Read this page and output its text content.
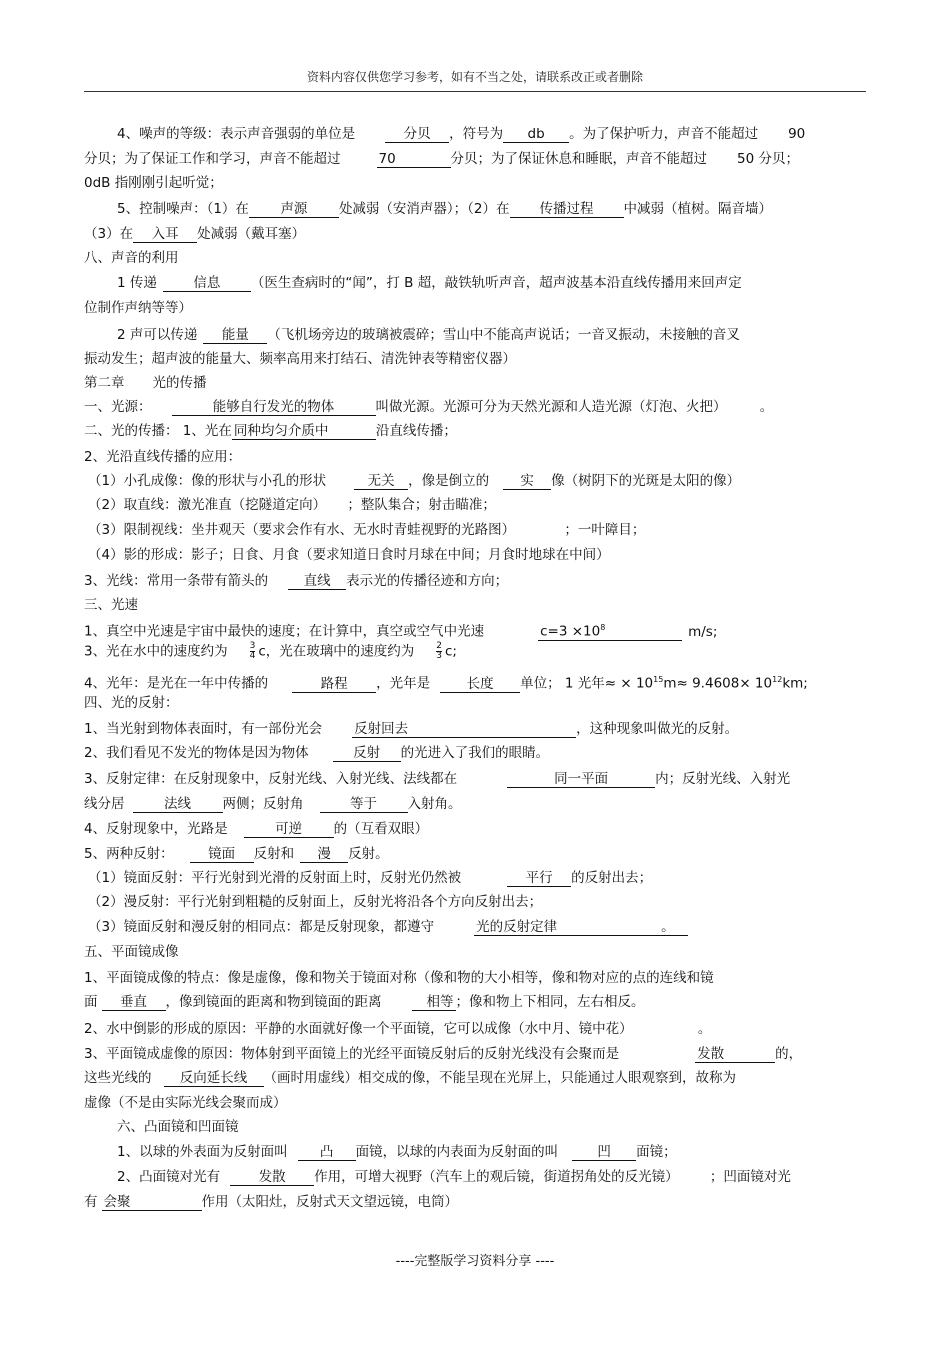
资料内容仅供您学习参考，如有不当之处，请联系改正或者删除
4、噪声的等级：表示声音强弱的单位是	分贝 ，符号为 db 。为了保护听力，声音不能超过 90
分贝；为了保证工作和学习，声音不能超过	70	分贝；为了保证休息和睡眠，声音不能超过 50 分贝；
0dB 指刚刚引起听觉；
5、控制噪声：（1）在 声源 处减弱（安消声器）；（2）在 传播过程 中减弱（植树。隔音墙）
（3）在 入耳 处减弱（戴耳塞）
八、声音的利用
1 传递	信息 （医生查病时的“闻”，打 B 超，敲铁轨听声音，超声波基本沿直线传播用来回声定
位制作声纳等等）
2 声可以传递 能量 （飞机场旁边的玻璃被震碎；雪山中不能高声说话；一音叉振动，未接触的音叉
振动发生；超声波的能量大、频率高用来打结石、清洗钟表等精密仪器）
第二章 光的传播
一、光源：	能够自行发光的物体	叫做光源。光源可分为天然光源和人造光源（灯泡、火把）	。
二、光的传播： 1、光在 同种均匀介质中	沿直线传播；
2、光沿直线传播的应用：
（1）小孔成像：像的形状与小孔的形状	无关 ，像是倒立的 实 像（树阴下的光斑是太阳的像）
（2）取直线：激光准直（挖隧道定向） ；整队集合；射击瞄准；
（3）限制视线：坐井观天（要求会作有水、无水时青蛙视野的光路图）	；一叶障目；
（4）影的形成：影子；日食、月食（要求知道日食时月球在中间；月食时地球在中间）
3、光线：常用一条带有箭头的	直线 表示光的传播径迹和方向；
三、光速
1、真空中光速是宇宙中最快的速度；在计算中，真空或空气中光速	$c=3 \times 10^8$	m/s;
3、光在水中的速度约为 $\frac{3}{4}$ c，光在玻璃中的速度约为 $\frac{2}{3} c$;
4、光年：是光在一年中传播的	路程 ，光年是	长度 单位； 1 光年≈ × $10^{15}m\approx 9.4608\times 10^{12}km$;
四、光的反射：
1、当光射到物体表面时，有一部份光会 反射回去	，这种现象叫做光的反射。
2、我们看见不发光的物体是因为物体	反射 的光进入了我们的眼睛。
3、反射定律：在反射现象中，反射光线、入射光线、法线都在	同一平面	内；反射光线、入射光
线分居	法线 两侧；反射角	等于 入射角。
4、反射现象中，光路是	可逆 的（互看双眼）
5、两种反射：	镜面 反射和 漫 反射。
（1）镜面反射：平行光射到光滑的反射面上时，反射光仍然被	平行 的反射出去；
（2）漫反射：平行光射到粗糙的反射面上，反射光将沿各个方向反射出去；
（3）镜面反射和漫反射的相同点：都是反射现象，都遵守	光的反射定律	。
五、平面镜成像
1、平面镜成像的特点：像是虚像，像和物关于镜面对称（像和物的大小相等，像和物对应的点的连线和镜
面 垂直 ，像到镜面的距离和物到镜面的距离	相等 ；像和物上下相同，左右相反。
2、水中倒影的形成的原因：平静的水面就好像一个平面镜，它可以成像（水中月、镜中花）	。
3、平面镜成虚像的原因：物体射到平面镜上的光经平面镜反射后的反射光线没有会聚而是	发散	的，
这些光线的 反向延长线 （画时用虚线）相交成的像，不能呈现在光屏上，只能通过人眼观察到，故称为
虚像（不是由实际光线会聚而成）
六、凸面镜和凹面镜
1、以球的外表面为反射面叫 凸 面镜，以球的内表面为反射面的叫	凹 面镜；
2、凸面镜对光有	发散 作用，可增大视野（汽车上的观后镜，街道拐角处的反光镜）	；凹面镜对光
有 会聚	作用（太阳灶，反射式天文望远镜，电筒）
----完整版学习资料分享 ----
